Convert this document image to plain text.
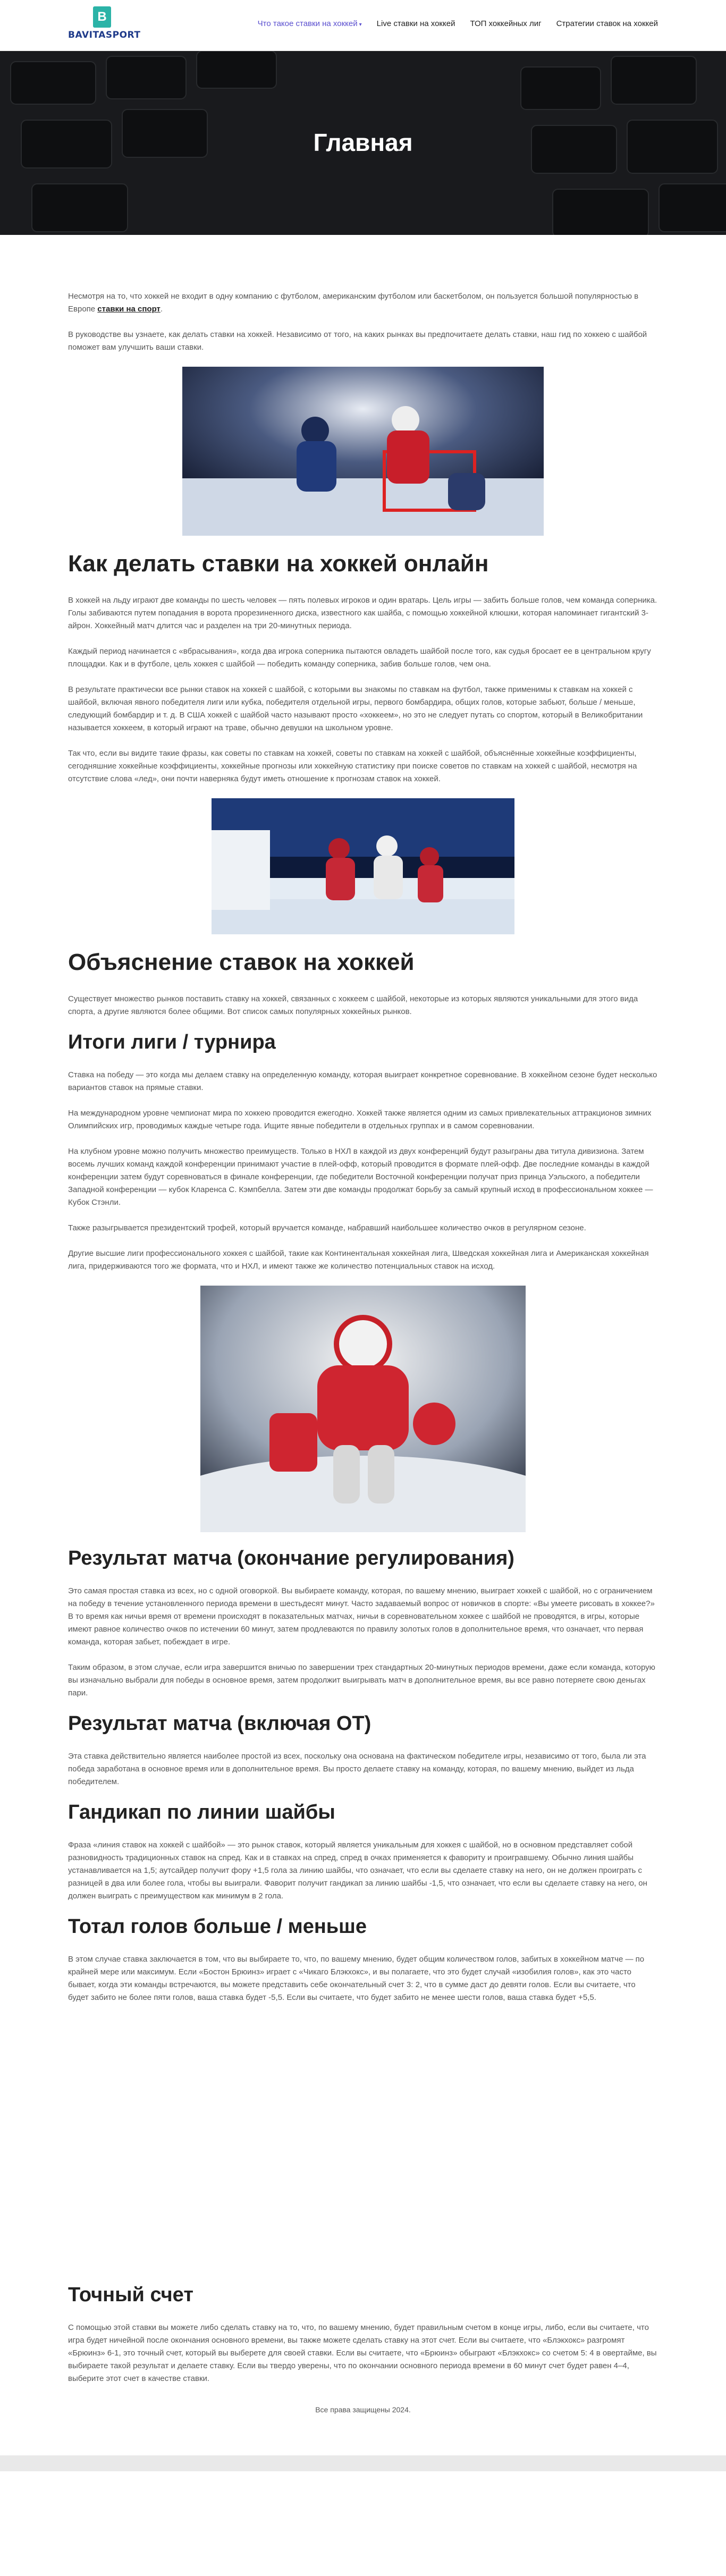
B
BAVITASPORT
Что такое ставки на хоккей ▾ Live ставки на хоккей ТОП хоккейных лиг Стратегии ставок на хоккей
Главная

Несмотря на то, что хоккей не входит в одну компанию с футболом, американским футболом или баскетболом, он пользуется большой популярностью в Европе ставки на спорт.

В руководстве вы узнаете, как делать ставки на хоккей. Независимо от того, на каких рынках вы предпочитаете делать ставки, наш гид по хоккею с шайбой поможет вам улучшить ваши ставки.

Как делать ставки на хоккей онлайн

В хоккей на льду играют две команды по шесть человек — пять полевых игроков и один вратарь. Цель игры — забить больше голов, чем команда соперника. Голы забиваются путем попадания в ворота прорезиненного диска, известного как шайба, с помощью хоккейной клюшки, которая напоминает гигантский 3-айрон. Хоккейный матч длится час и разделен на три 20-минутных периода.

Каждый период начинается с «вбрасывания», когда два игрока соперника пытаются овладеть шайбой после того, как судья бросает ее в центральном кругу площадки. Как и в футболе, цель хоккея с шайбой — победить команду соперника, забив больше голов, чем она.

В результате практически все рынки ставок на хоккей с шайбой, с которыми вы знакомы по ставкам на футбол, также применимы к ставкам на хоккей с шайбой, включая явного победителя лиги или кубка, победителя отдельной игры, первого бомбардира, общих голов, которые забьют, больше / меньше, следующий бомбардир и т. д. В США хоккей с шайбой часто называют просто «хоккеем», но это не следует путать со спортом, который в Великобритании называется хоккеем, в который играют на траве, обычно девушки на школьном уровне.

Так что, если вы видите такие фразы, как советы по ставкам на хоккей, советы по ставкам на хоккей с шайбой, объяснённые хоккейные коэффициенты, сегодняшние хоккейные коэффициенты, хоккейные прогнозы или хоккейную статистику при поиске советов по ставкам на хоккей с шайбой, несмотря на отсутствие слова «лед», они почти наверняка будут иметь отношение к прогнозам ставок на хоккей.

Объяснение ставок на хоккей

Существует множество рынков поставить ставку на хоккей, связанных с хоккеем с шайбой, некоторые из которых являются уникальными для этого вида спорта, а другие являются более общими. Вот список самых популярных хоккейных рынков.

Итоги лиги / турнира

Ставка на победу — это когда мы делаем ставку на определенную команду, которая выиграет конкретное соревнование. В хоккейном сезоне будет несколько вариантов ставок на прямые ставки.

На международном уровне чемпионат мира по хоккею проводится ежегодно. Хоккей также является одним из самых привлекательных аттракционов зимних Олимпийских игр, проводимых каждые четыре года. Ищите явные победители в отдельных группах и в самом соревновании.

На клубном уровне можно получить множество преимуществ. Только в НХЛ в каждой из двух конференций будут разыграны два титула дивизиона. Затем восемь лучших команд каждой конференции принимают участие в плей-офф, который проводится в формате плей-офф. Две последние команды в каждой конференции затем будут соревноваться в финале конференции, где победители Восточной конференции получат приз принца Уэльского, а победители Западной конференции — кубок Кларенса С. Кэмпбелла. Затем эти две команды продолжат борьбу за самый крупный исход в профессиональном хоккее — Кубок Стэнли.

Также разыгрывается президентский трофей, который вручается команде, набравший наибольшее количество очков в регулярном сезоне.

Другие высшие лиги профессионального хоккея с шайбой, такие как Континентальная хоккейная лига, Шведская хоккейная лига и Американская хоккейная лига, придерживаются того же формата, что и НХЛ, и имеют также же количество потенциальных ставок на исход.

Результат матча (окончание регулирования)

Это самая простая ставка из всех, но с одной оговоркой. Вы выбираете команду, которая, по вашему мнению, выиграет хоккей с шайбой, но с ограничением на победу в течение установленного периода времени в шестьдесят минут. Часто задаваемый вопрос от новичков в спорте: «Вы умеете рисовать в хоккее?» В то время как ничьи время от времени происходят в показательных матчах, ничьи в соревновательном хоккее с шайбой не проводятся, в игры, которые имеют равное количество очков по истечении 60 минут, затем продлеваются по правилу золотых голов в дополнительное время, что означает, что первая команда, которая забьет, побеждает в игре.

Таким образом, в этом случае, если игра завершится вничью по завершении трех стандартных 20-минутных периодов времени, даже если команда, которую вы изначально выбрали для победы в основное время, затем продолжит выигрывать матч в дополнительное время, вы все равно потеряете свою деньгах пари.

Результат матча (включая OT)

Эта ставка действительно является наиболее простой из всех, поскольку она основана на фактическом победителе игры, независимо от того, была ли эта победа заработана в основное время или в дополнительное время. Вы просто делаете ставку на команду, которая, по вашему мнению, выйдет из льда победителем.

Гандикап по линии шайбы

Фраза «линия ставок на хоккей с шайбой» — это рынок ставок, который является уникальным для хоккея с шайбой, но в основном представляет собой разновидность традиционных ставок на спред. Как и в ставках на спред, спред в очках применяется к фавориту и проигравшему. Обычно линия шайбы устанавливается на 1,5; аутсайдер получит фору +1,5 гола за линию шайбы, что означает, что если вы сделаете ставку на него, он не должен проиграть с разницей в два или более гола, чтобы вы выиграли. Фаворит получит гандикап за линию шайбы -1,5, что означает, что если вы сделаете ставку на него, он должен выиграть с преимуществом как минимум в 2 гола.

Тотал голов больше / меньше

В этом случае ставка заключается в том, что вы выбираете то, что, по вашему мнению, будет общим количеством голов, забитых в хоккейном матче — по крайней мере или максимум. Если «Бостон Брюинз» играет с «Чикаго Блэкхокс», и вы полагаете, что это будет случай «изобилия голов», как это часто бывает, когда эти команды встречаются, вы можете представить себе окончательный счет 3: 2, что в сумме даст до девяти голов. Если вы считаете, что будет забито не более пяти голов, ваша ставка будет -5,5. Если вы считаете, что будет забито не менее шести голов, ваша ставка будет +5,5.

Точный счет

С помощью этой ставки вы можете либо сделать ставку на то, что, по вашему мнению, будет правильным счетом в конце игры, либо, если вы считаете, что игра будет ничейной после окончания основного времени, вы также можете сделать ставку на этот счет. Если вы считаете, что «Блэкхокс» разгромят «Брюинз» 6-1, это точный счет, который вы выберете для своей ставки. Если вы считаете, что «Брюинз» обыграют «Блэкхокс» со счетом 5: 4 в овертайме, вы выбираете такой результат и делаете ставку. Если вы твердо уверены, что по окончании основного периода времени в 60 минут счет будет равен 4–4, выберите этот счет в качестве ставки.

Все права защищены 2024.
